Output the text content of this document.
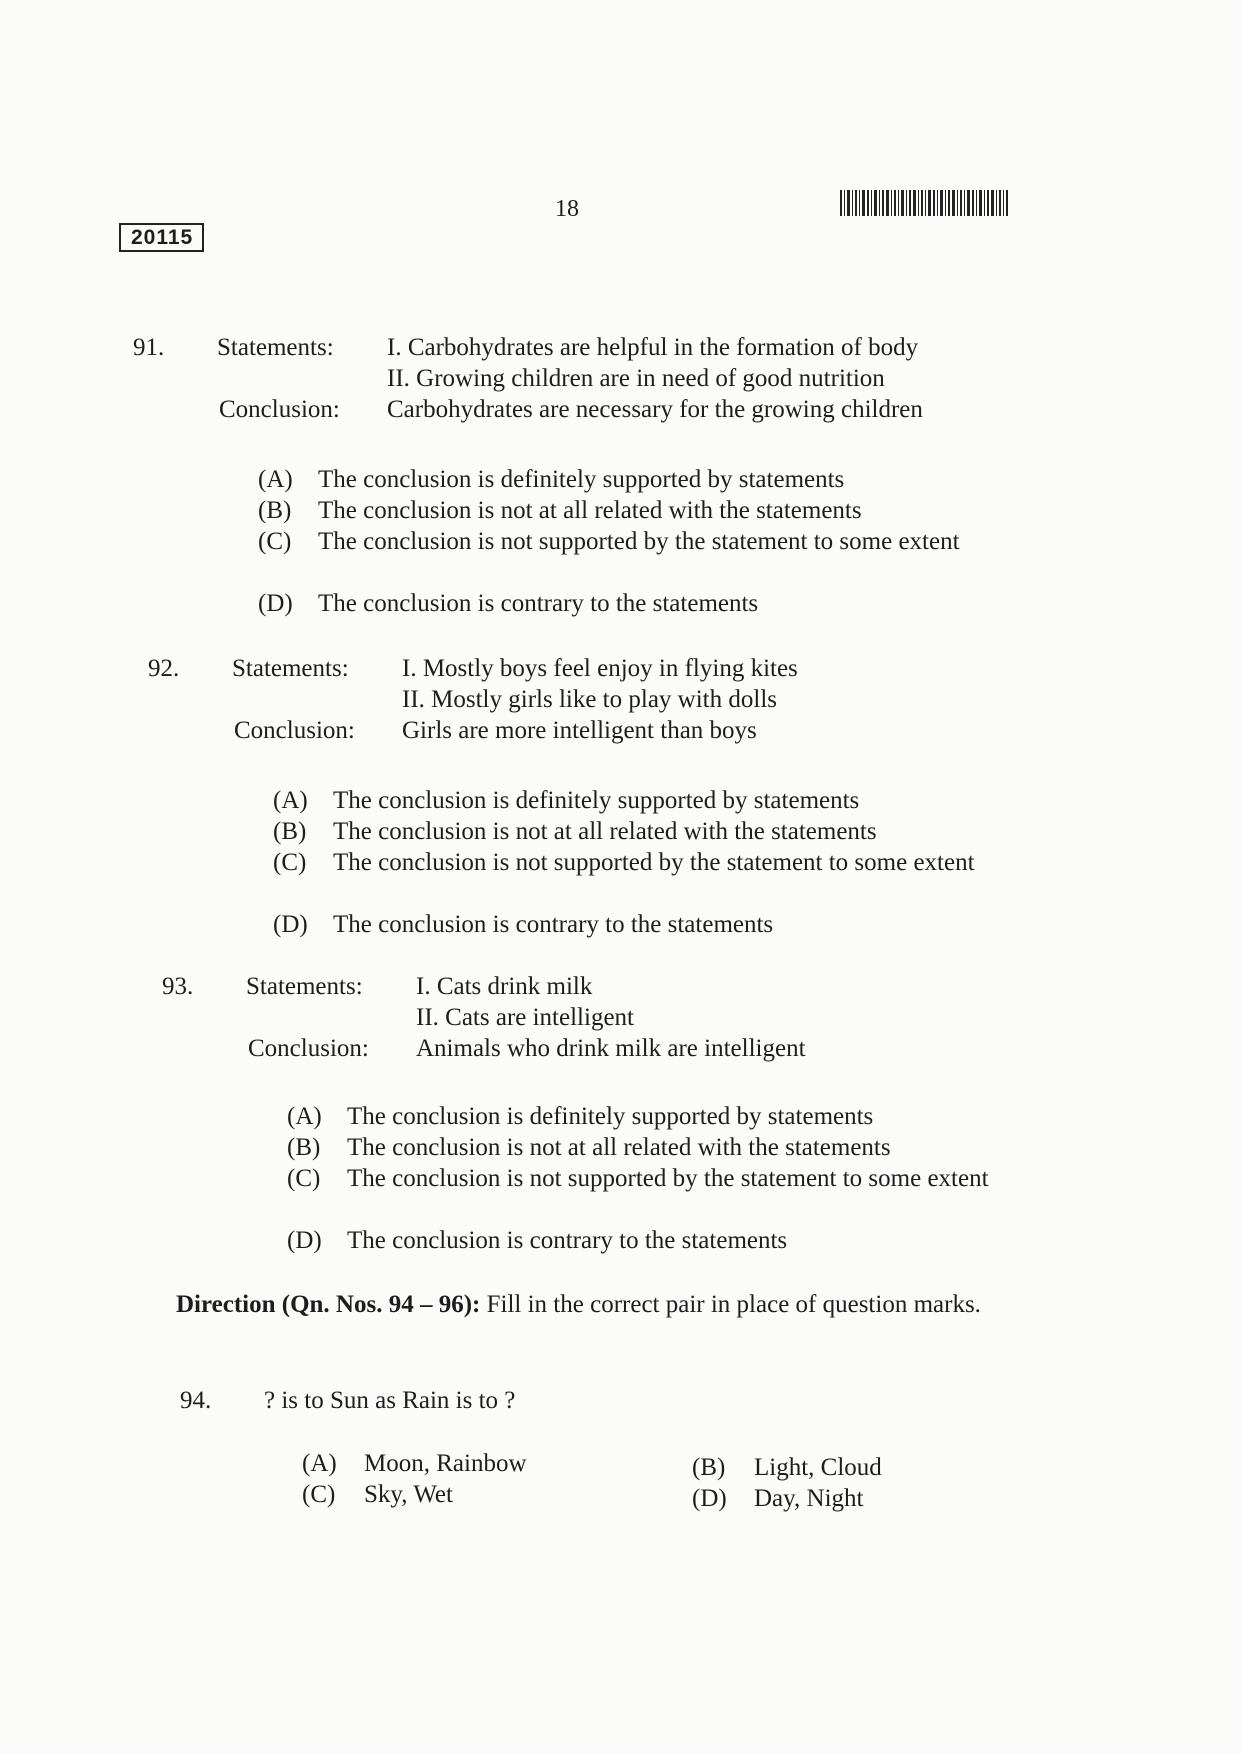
18
20115
91. Statements: I. Carbohydrates are helpful in the formation of body
II. Growing children are in need of good nutrition
Conclusion: Carbohydrates are necessary for the growing children
(A) The conclusion is definitely supported by statements
(B) The conclusion is not at all related with the statements
(C) The conclusion is not supported by the statement to some extent
(D) The conclusion is contrary to the statements
92. Statements: I. Mostly boys feel enjoy in flying kites
II. Mostly girls like to play with dolls
Conclusion: Girls are more intelligent than boys
(A) The conclusion is definitely supported by statements
(B) The conclusion is not at all related with the statements
(C) The conclusion is not supported by the statement to some extent
(D) The conclusion is contrary to the statements
93. Statements: I. Cats drink milk
II. Cats are intelligent
Conclusion: Animals who drink milk are intelligent
(A) The conclusion is definitely supported by statements
(B) The conclusion is not at all related with the statements
(C) The conclusion is not supported by the statement to some extent
(D) The conclusion is contrary to the statements
Direction (Qn. Nos. 94 – 96): Fill in the correct pair in place of question marks.
94. ? is to Sun as Rain is to ?
(A) Moon, Rainbow	(B) Light, Cloud
(C) Sky, Wet	(D) Day, Night
